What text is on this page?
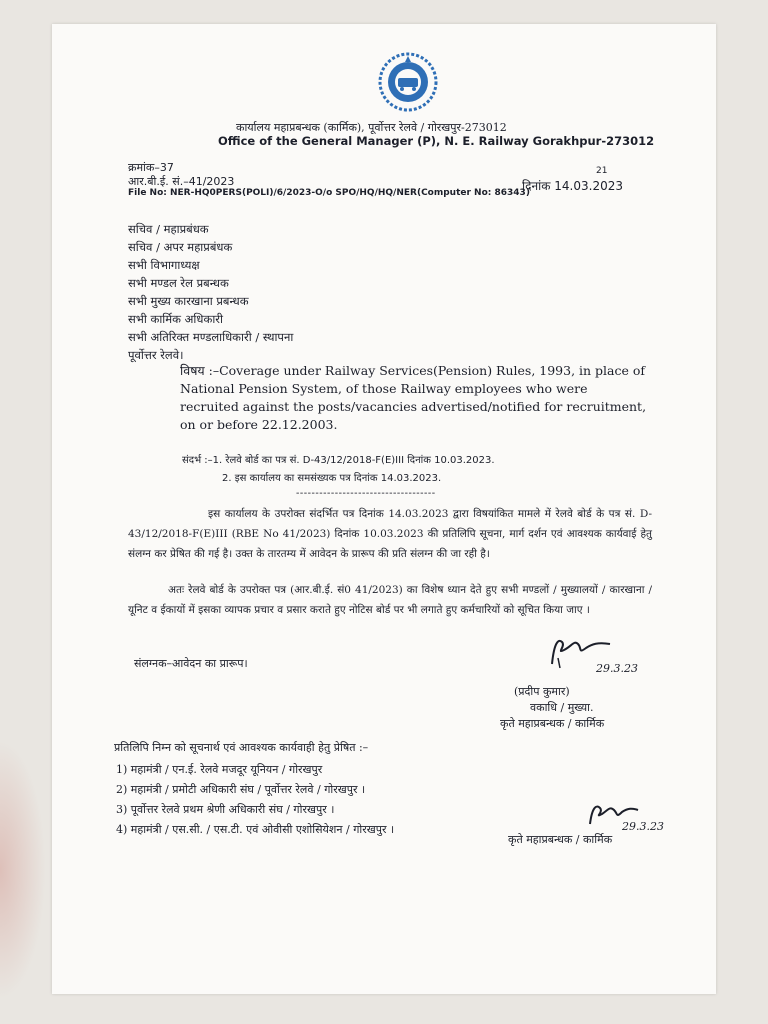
कार्यालय महाप्रबन्धक (कार्मिक), पूर्वोत्तर रेलवे / गोरखपुर-273012
Office of the General Manager (P), N. E. Railway Gorakhpur-273012
क्रमांक–37
आर.बी.ई. सं.–41/2023
File No: NER-HQ0PERS(POLI)/6/2023-O/o SPO/HQ/HQ/NER(Computer No: 86343)
21
दिनांक 14.03.2023
सचिव / महाप्रबंधक
सचिव / अपर महाप्रबंधक
सभी विभागाध्यक्ष
सभी मण्डल रेल प्रबन्धक
सभी मुख्य कारखाना प्रबन्धक
सभी कार्मिक अधिकारी
सभी अतिरिक्त मण्डलाधिकारी / स्थापना
पूर्वोत्तर रेलवे।
विषय :–Coverage under Railway Services(Pension) Rules, 1993, in place of National Pension System, of those Railway employees who were recruited against the posts/vacancies advertised/notified for recruitment, on or before 22.12.2003.
संदर्भ :–1. रेलवे बोर्ड का पत्र सं. D-43/12/2018-F(E)III दिनांक 10.03.2023.
2. इस कार्यालय का समसंख्यक पत्र दिनांक 14.03.2023.
------------------------------------
इस कार्यालय के उपरोक्त संदर्भित पत्र दिनांक 14.03.2023 द्वारा विषयांकित मामले में रेलवे बोर्ड के पत्र सं. D-43/12/2018-F(E)III (RBE No 41/2023) दिनांक 10.03.2023 की प्रतिलिपि सूचना, मार्ग दर्शन एवं आवश्यक कार्यवाई हेतु संलग्न कर प्रेषित की गई है। उक्त के तारतम्य में आवेदन के प्रारूप की प्रति संलग्न की जा रही है।
अतः रेलवे बोर्ड के उपरोक्त पत्र (आर.बी.ई. सं0 41/2023) का विशेष ध्यान देते हुए सभी मण्डलों / मुख्यालयों / कारखाना / यूनिट व ईकायों में इसका व्यापक प्रचार व प्रसार कराते हुए नोटिस बोर्ड पर भी लगाते हुए कर्मचारियों को सूचित किया जाए ।
संलग्नक–आवेदन का प्रारूप।	29.3.23
(प्रदीप कुमार)
वकाधि / मुख्या.
कृते महाप्रबन्धक / कार्मिक
प्रतिलिपि निम्न को सूचनार्थ एवं आवश्यक कार्यवाही हेतु प्रेषित :–
1) महामंत्री / एन.ई. रेलवे मजदूर यूनियन / गोरखपुर
2) महामंत्री / प्रमोटी अधिकारी संघ / पूर्वोत्तर रेलवे / गोरखपुर ।
3) पूर्वोत्तर रेलवे प्रथम श्रेणी अधिकारी संघ / गोरखपुर ।
4) महामंत्री / एस.सी. / एस.टी. एवं ओवीसी एशोसियेशन / गोरखपुर ।	29.3.23
कृते महाप्रबन्धक / कार्मिक
